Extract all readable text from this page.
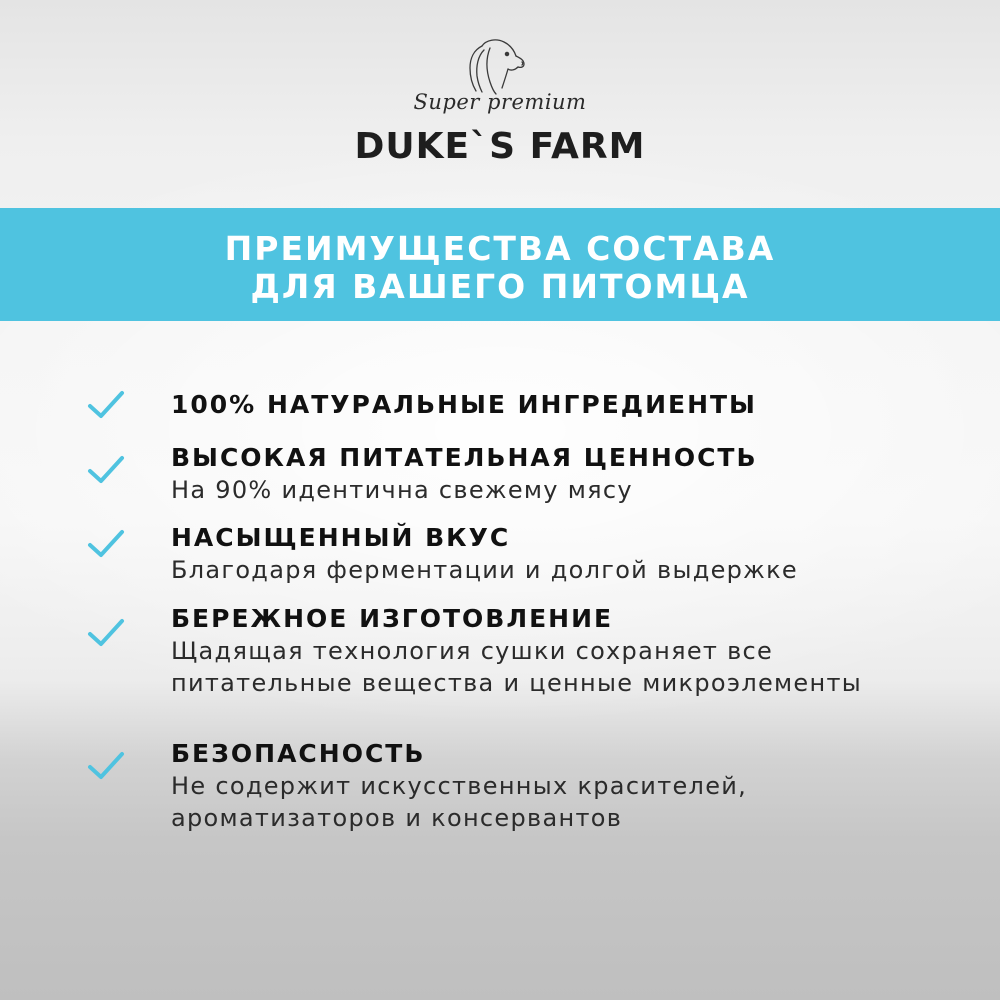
Super premium
DUKE`S FARM
ПРЕИМУЩЕСТВА СОСТАВА
ДЛЯ ВАШЕГО ПИТОМЦА
100% НАТУРАЛЬНЫЕ ИНГРЕДИЕНТЫ
ВЫСОКАЯ ПИТАТЕЛЬНАЯ ЦЕННОСТЬ
На 90% идентична свежему мясу
НАСЫЩЕННЫЙ ВКУС
Благодаря ферментации и долгой выдержке
БЕРЕЖНОЕ ИЗГОТОВЛЕНИЕ
Щадящая технология сушки сохраняет все питательные вещества и ценные микроэлементы
БЕЗОПАСНОСТЬ
Не содержит искусственных красителей, ароматизаторов и консервантов
